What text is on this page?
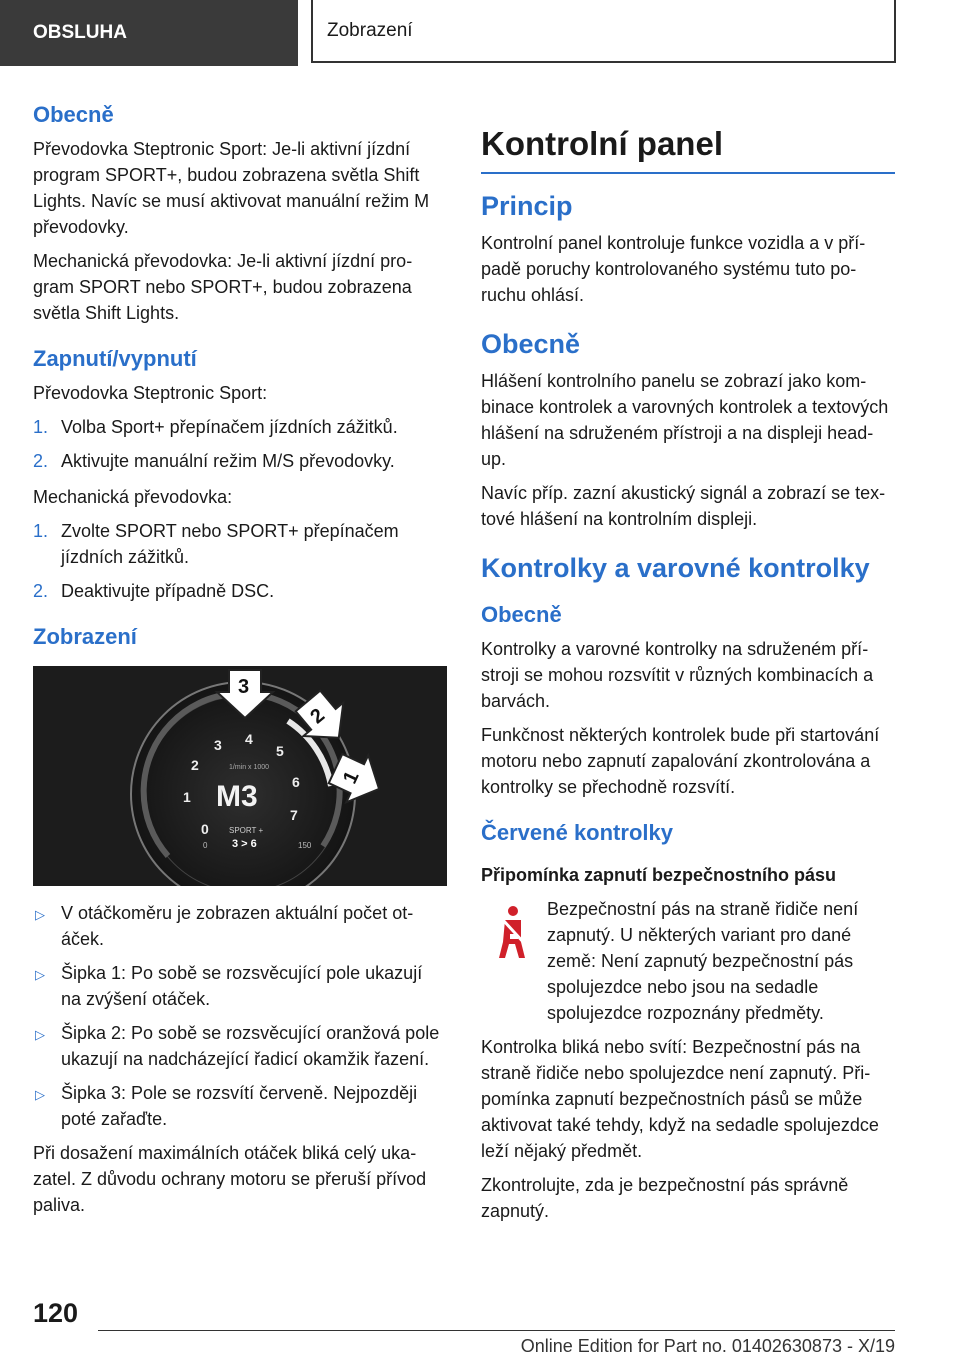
OBSLUHA	Zobrazení
Obecně

Převodovka Steptronic Sport: Je-li aktivní jízdní program SPORT+, budou zobrazena světla Shift Lights. Navíc se musí aktivovat manuální režim M převodovky.

Mechanická převodovka: Je-li aktivní jízdní program SPORT nebo SPORT+, budou zobrazena světla Shift Lights.

Zapnutí/vypnutí

Převodovka Steptronic Sport:

1. Volba Sport+ přepínačem jízdních zážitků.
2. Aktivujte manuální režim M/S převodovky.

Mechanická převodovka:

1. Zvolte SPORT nebo SPORT+ přepínačem jízdních zážitků.
2. Deaktivujte případně DSC.
Zobrazení
0
1
2
3 4
5
6
7
1/min x 1000
M3
SPORT +
3 > 6
0	150
3
2
1
▷ V otáčkoměru je zobrazen aktuální počet otáček.
▷ Šipka 1: Po sobě se rozsvěcující pole ukazují na zvýšení otáček.
▷ Šipka 2: Po sobě se rozsvěcující oranžová pole ukazují na nadcházející řadicí okamžik řazení.
▷ Šipka 3: Pole se rozsvítí červeně. Nejpozději poté zařaďte.

Při dosažení maximálních otáček bliká celý ukazatel. Z důvodu ochrany motoru se přeruší přívod paliva.

Kontrolní panel
Princip

Kontrolní panel kontroluje funkce vozidla a v případě poruchy kontrolovaného systému tuto poruchu ohlásí.

Obecně

Hlášení kontrolního panelu se zobrazí jako kombinace kontrolek a varovných kontrolek a textových hlášení na sdruženém přístroji a na displeji head-up.

Navíc příp. zazní akustický signál a zobrazí se textové hlášení na kontrolním displeji.

Kontrolky a varovné kontrolky
Obecně

Kontrolky a varovné kontrolky na sdruženém přístroji se mohou rozsvítit v různých kombinacích a barvách.

Funkčnost některých kontrolek bude při startování motoru nebo zapnutí zapalování zkontrolována a kontrolky se přechodně rozsvítí.

Červené kontrolky

Připomínka zapnutí bezpečnostního pásu

Bezpečnostní pás na straně řidiče není zapnutý. U některých variant pro dané země: Není zapnutý bezpečnostní pás spolujezdce nebo jsou na sedadle spolujezdce rozpoznány předměty.

Kontrolka bliká nebo svítí: Bezpečnostní pás na straně řidiče nebo spolujezdce není zapnutý. Připomínka zapnutí bezpečnostních pásů se může aktivovat také tehdy, když na sedadle spolujezdce leží nějaký předmět.

Zkontrolujte, zda je bezpečnostní pás správně zapnutý.

120
Online Edition for Part no. 01402630873 - X/19
